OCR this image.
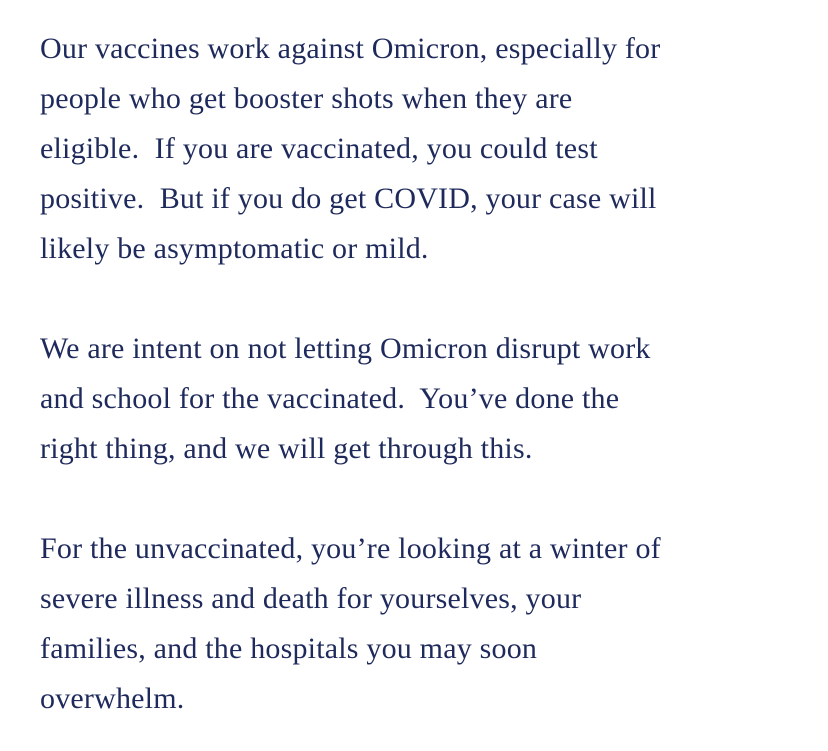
Our vaccines work against Omicron, especially for
people who get booster shots when they are
eligible.  If you are vaccinated, you could test
positive.  But if you do get COVID, your case will
likely be asymptomatic or mild.

We are intent on not letting Omicron disrupt work
and school for the vaccinated.  You’ve done the
right thing, and we will get through this.

For the unvaccinated, you’re looking at a winter of
severe illness and death for yourselves, your
families, and the hospitals you may soon
overwhelm.
